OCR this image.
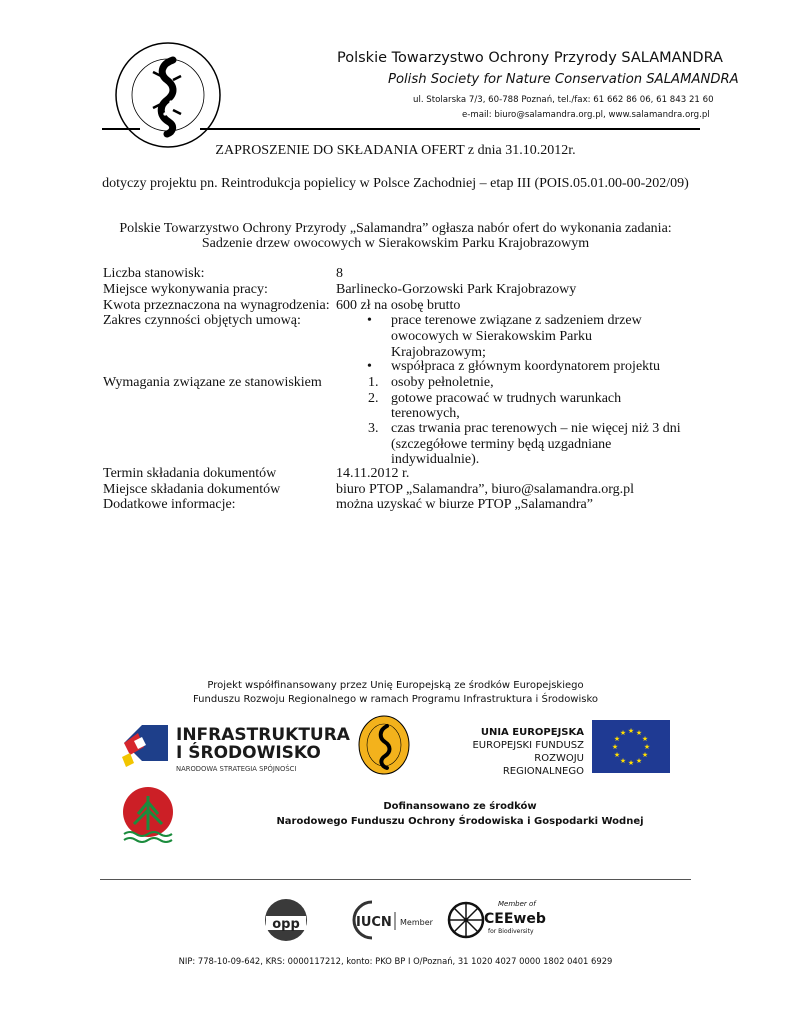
Polskie Towarzystwo Ochrony Przyrody SALAMANDRA
Polish Society for Nature Conservation SALAMANDRA
ul. Stolarska 7/3, 60-788 Poznań, tel./fax: 61 662 86 06, 61 843 21 60
e-mail: biuro@salamandra.org.pl, www.salamandra.org.pl
ZAPROSZENIE DO SKŁADANIA OFERT z dnia 31.10.2012r.
dotyczy projektu pn. Reintrodukcja popielicy w Polsce Zachodniej – etap III (POIS.05.01.00-00-202/09)
Polskie Towarzystwo Ochrony Przyrody „Salamandra” ogłasza nabór ofert do wykonania zadania:
Sadzenie drzew owocowych w Sierakowskim Parku Krajobrazowym
Liczba stanowisk:	8
Miejsce wykonywania pracy:	Barlinecko-Gorzowski Park Krajobrazowy
Kwota przeznaczona na wynagrodzenia: 600 zł na osobę brutto
Zakres czynności objętych umową:	• prace terenowe związane z sadzeniem drzew
owocowych w Sierakowskim Parku
Krajobrazowym;
• współpraca z głównym koordynatorem projektu
Wymagania związane ze stanowiskiem	1. osoby pełnoletnie,
2. gotowe pracować w trudnych warunkach
terenowych,
3. czas trwania prac terenowych – nie więcej niż 3 dni
(szczegółowe terminy będą uzgadniane
indywidualnie).
Termin składania dokumentów	14.11.2012 r.
Miejsce składania dokumentów	biuro PTOP „Salamandra”, biuro@salamandra.org.pl
Dodatkowe informacje:	można uzyskać w biurze PTOP „Salamandra”
Projekt współfinansowany przez Unię Europejską ze środków Europejskiego
Funduszu Rozwoju Regionalnego w ramach Programu Infrastruktura i Środowisko
INFRASTRUKTURA
I ŚRODOWISKO
NARODOWA STRATEGIA SPÓJNOŚCI
UNIA EUROPEJSKA
EUROPEJSKI FUNDUSZ
ROZWOJU REGIONALNEGO
★ ★
★
★
★
★
★
★
★
★
★
★
Dofinansowano ze środków
Narodowego Funduszu Ochrony Środowiska i Gospodarki Wodnej
opp	IUCN Member
Member of
CEEweb
for Biodiversity
NIP: 778-10-09-642, KRS: 0000117212, konto: PKO BP I O/Poznań, 31 1020 4027 0000 1802 0401 6929
